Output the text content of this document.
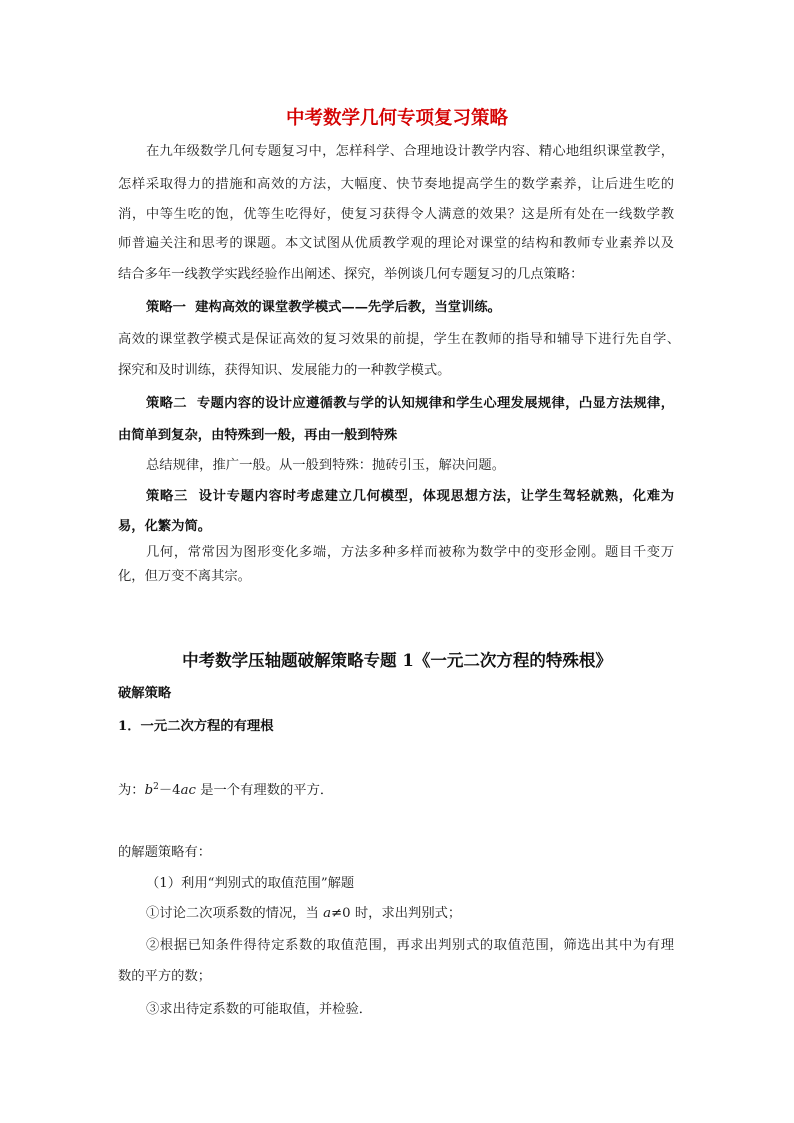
中考数学几何专项复习策略
在九年级数学几何专题复习中，怎样科学、合理地设计教学内容、精心地组织课堂教学，
怎样采取得力的措施和高效的方法，大幅度、快节奏地提高学生的数学素养，让后进生吃的
消，中等生吃的饱，优等生吃得好，使复习获得令人满意的效果？这是所有处在一线数学教
师普遍关注和思考的课题。本文试图从优质教学观的理论对课堂的结构和教师专业素养以及
结合多年一线教学实践经验作出阐述、探究，举例谈几何专题复习的几点策略：
策略一  建构高效的课堂教学模式——先学后教，当堂训练。
高效的课堂教学模式是保证高效的复习效果的前提，学生在教师的指导和辅导下进行先自学、
探究和及时训练，获得知识、发展能力的一种教学模式。
策略二  专题内容的设计应遵循教与学的认知规律和学生心理发展规律，凸显方法规律，
由简单到复杂，由特殊到一般，再由一般到特殊
总结规律，推广一般。从一般到特殊：抛砖引玉，解决问题。
策略三  设计专题内容时考虑建立几何模型，体现思想方法，让学生驾轻就熟，化难为
易，化繁为简。
几何，常常因为图形变化多端，方法多种多样而被称为数学中的变形金刚。题目千变万
化，但万变不离其宗。
中考数学压轴题破解策略专题 1《一元二次方程的特殊根》
破解策略
1．一元二次方程的有理根

为：$b^2-4ac$ 是一个有理数的平方．

的解题策略有：
（1）利用“判别式的取值范围”解题
①讨论二次项系数的情况，当 a≠0 时，求出判别式；
②根据已知条件得待定系数的取值范围，再求出判别式的取值范围，筛选出其中为有理
数的平方的数；
③求出待定系数的可能取值，并检验．
